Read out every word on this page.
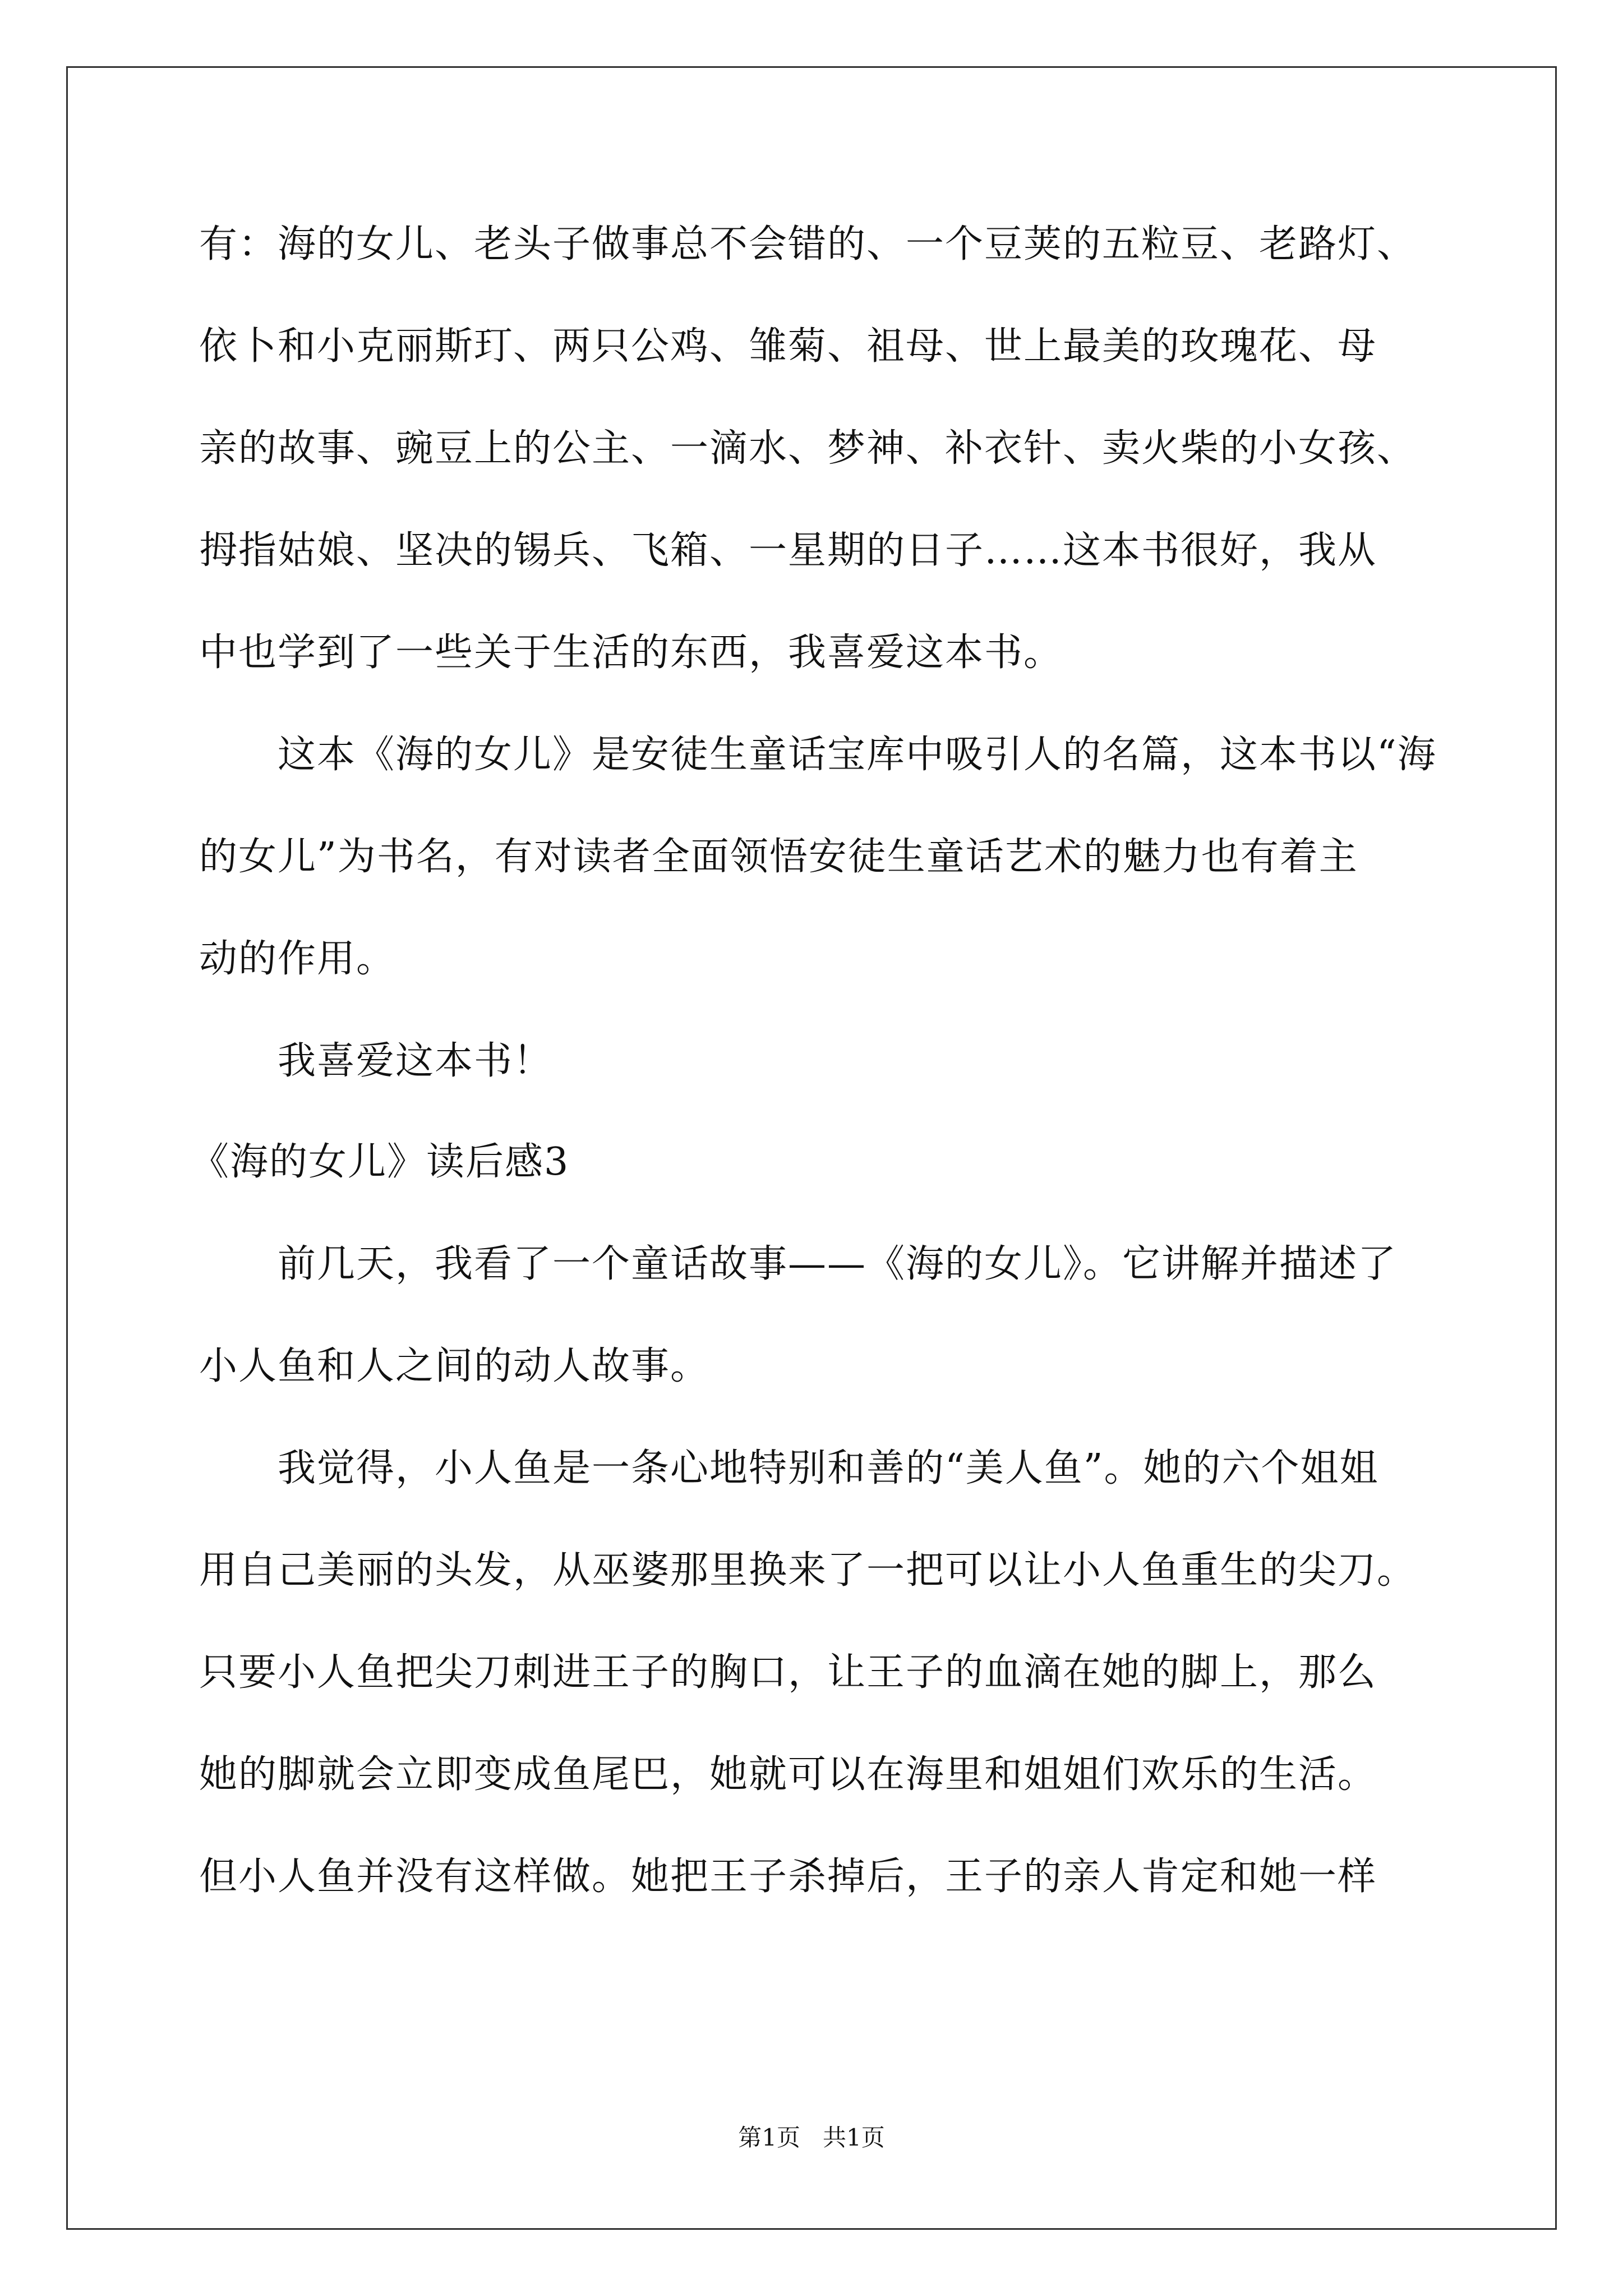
有：海的女儿、老头子做事总不会错的、一个豆荚的五粒豆、老路灯、
依卜和小克丽斯玎、两只公鸡、雏菊、祖母、世上最美的玫瑰花、母
亲的故事、豌豆上的公主、一滴水、梦神、补衣针、卖火柴的小女孩、
拇指姑娘、坚决的锡兵、飞箱、一星期的日子……这本书很好，我从
中也学到了一些关于生活的东西，我喜爱这本书。
这本《海的女儿》是安徒生童话宝库中吸引人的名篇，这本书以“海
的女儿”为书名，有对读者全面领悟安徒生童话艺术的魅力也有着主
动的作用。
我喜爱这本书！
《海的女儿》读后感3
前几天，我看了一个童话故事——《海的女儿》。它讲解并描述了
小人鱼和人之间的动人故事。
我觉得，小人鱼是一条心地特别和善的“美人鱼”。她的六个姐姐
用自己美丽的头发，从巫婆那里换来了一把可以让小人鱼重生的尖刀。
只要小人鱼把尖刀刺进王子的胸口，让王子的血滴在她的脚上，那么
她的脚就会立即变成鱼尾巴，她就可以在海里和姐姐们欢乐的生活。
但小人鱼并没有这样做。她把王子杀掉后，王子的亲人肯定和她一样
第1页   共1页
